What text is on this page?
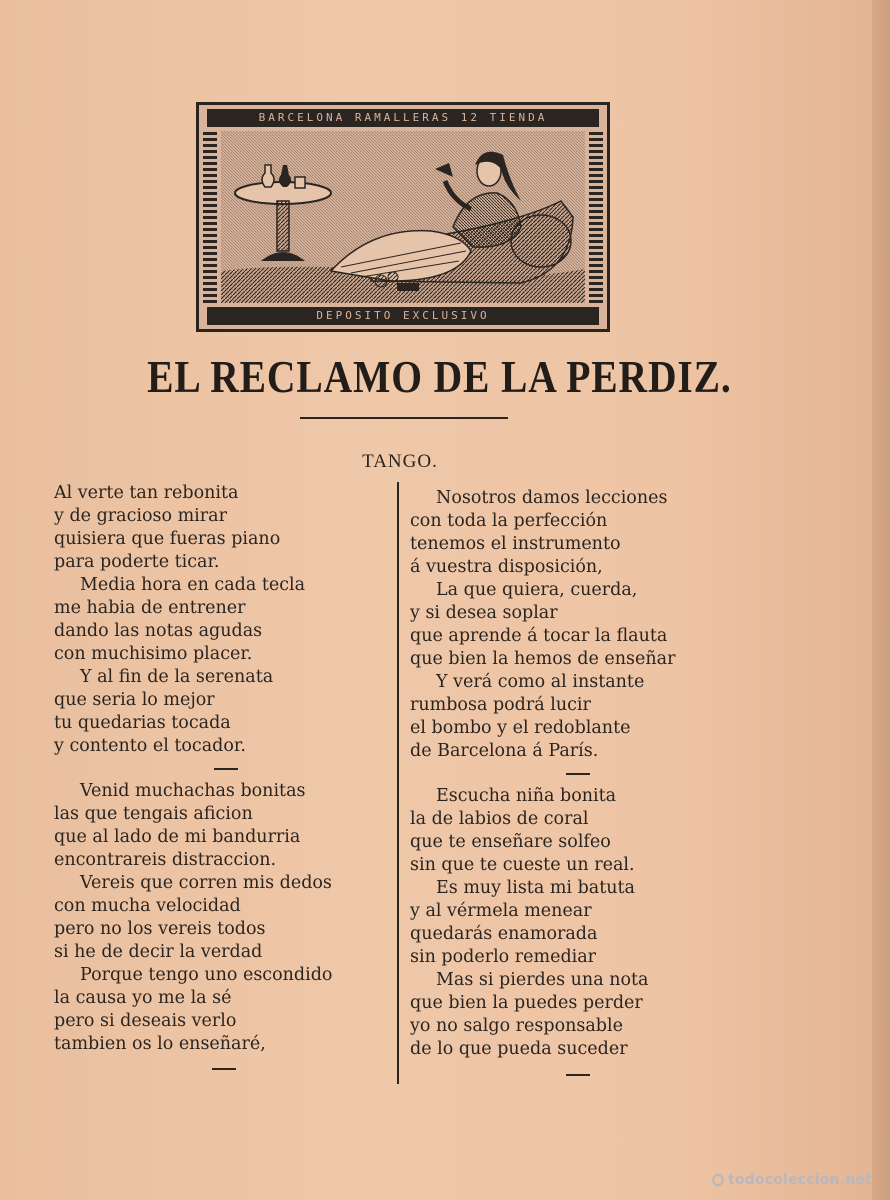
BARCELONA RAMALLERAS 12 TIENDA
DEPOSITO EXCLUSIVO
EL RECLAMO DE LA PERDIZ.
TANGO.
Al verte tan rebonita
y de gracioso mirar
quisiera que fueras piano
para poderte ticar.
Media hora en cada tecla
me habia de entrener
dando las notas agudas
con muchisimo placer.
Y al fin de la serenata
que seria lo mejor
tu quedarias tocada
y contento el tocador.
Venid muchachas bonitas
las que tengais aficion
que al lado de mi bandurria
encontrareis distraccion.
Vereis que corren mis dedos
con mucha velocidad
pero no los vereis todos
si he de decir la verdad
Porque tengo uno escondido
la causa yo me la sé
pero si deseais verlo
tambien os lo enseñaré,
Nosotros damos lecciones
con toda la perfección
tenemos el instrumento
á vuestra disposición,
La que quiera, cuerda,
y si desea soplar
que aprende á tocar la flauta
que bien la hemos de enseñar
Y verá como al instante
rumbosa podrá lucir
el bombo y el redoblante
de Barcelona á París.
Escucha niña bonita
la de labios de coral
que te enseñare solfeo
sin que te cueste un real.
Es muy lista mi batuta
y al vérmela menear
quedarás enamorada
sin poderlo remediar
Mas si pierdes una nota
que bien la puedes perder
yo no salgo responsable
de lo que pueda suceder
todocoleccion.net
